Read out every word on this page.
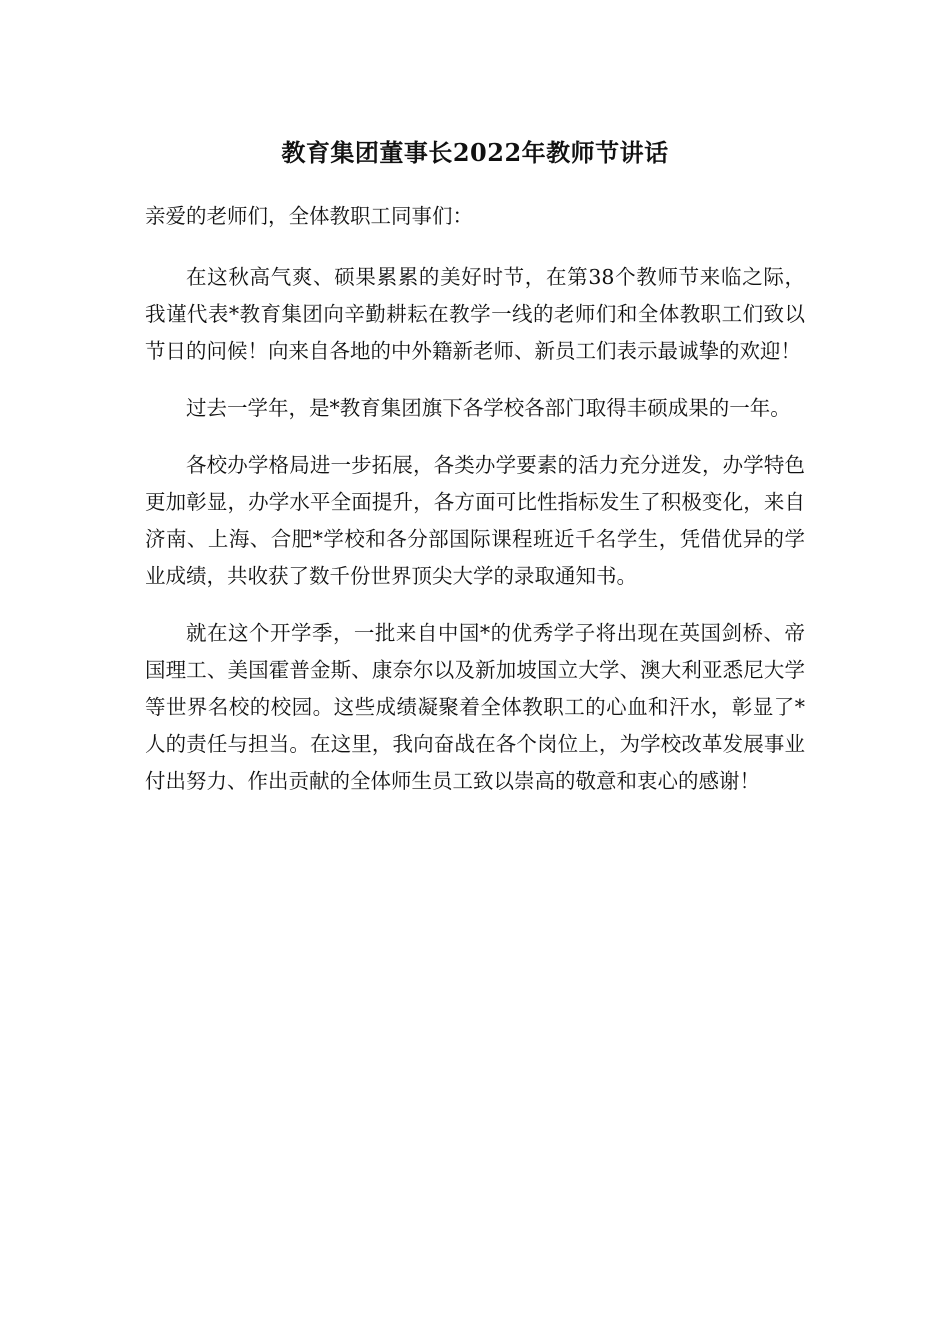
教育集团董事长2022年教师节讲话

亲爱的老师们，全体教职工同事们：

在这秋高气爽、硕果累累的美好时节，在第38个教师节来临之际，我谨代表*教育集团向辛勤耕耘在教学一线的老师们和全体教职工们致以节日的问候！向来自各地的中外籍新老师、新员工们表示最诚挚的欢迎！

过去一学年，是*教育集团旗下各学校各部门取得丰硕成果的一年。

各校办学格局进一步拓展，各类办学要素的活力充分迸发，办学特色更加彰显，办学水平全面提升，各方面可比性指标发生了积极变化，来自济南、上海、合肥*学校和各分部国际课程班近千名学生，凭借优异的学业成绩，共收获了数千份世界顶尖大学的录取通知书。

就在这个开学季，一批来自中国*的优秀学子将出现在英国剑桥、帝国理工、美国霍普金斯、康奈尔以及新加坡国立大学、澳大利亚悉尼大学等世界名校的校园。这些成绩凝聚着全体教职工的心血和汗水，彰显了*人的责任与担当。在这里，我向奋战在各个岗位上，为学校改革发展事业付出努力、作出贡献的全体师生员工致以崇高的敬意和衷心的感谢！
